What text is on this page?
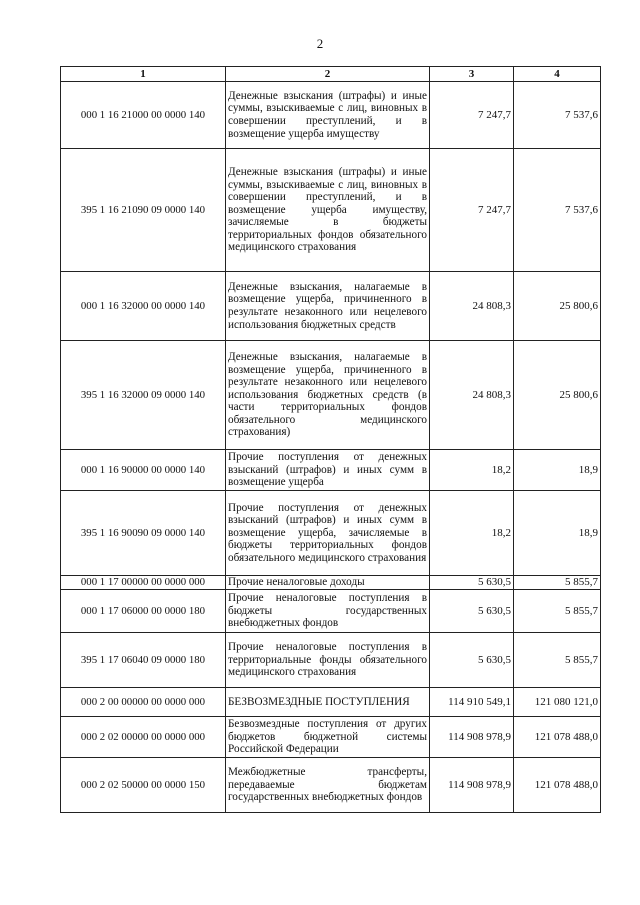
2
1	2	3	4
000 1 16 21000 00 0000 140	Денежные взыскания (штрафы) и иные суммы, взыскиваемые с лиц, виновных в совершении преступлений, и в возмещение ущерба имуществу	7 247,7	7 537,6
395 1 16 21090 09 0000 140	Денежные взыскания (штрафы) и иные суммы, взыскиваемые с лиц, виновных в совершении преступлений, и в возмещение ущерба имуществу, зачисляемые в бюджеты территориальных фондов обязательного медицинского страхования	7 247,7	7 537,6
000 1 16 32000 00 0000 140	Денежные взыскания, налагаемые в возмещение ущерба, причиненного в результате незаконного или нецелевого использования бюджетных средств	24 808,3	25 800,6
395 1 16 32000 09 0000 140	Денежные взыскания, налагаемые в возмещение ущерба, причиненного в результате незаконного или нецелевого использования бюджетных средств (в части территориальных фондов обязательного медицинского страхования)	24 808,3	25 800,6
000 1 16 90000 00 0000 140	Прочие поступления от денежных взысканий (штрафов) и иных сумм в возмещение ущерба	18,2	18,9
395 1 16 90090 09 0000 140	Прочие поступления от денежных взысканий (штрафов) и иных сумм в возмещение ущерба, зачисляемые в бюджеты территориальных фондов обязательного медицинского страхования	18,2	18,9
000 1 17 00000 00 0000 000	Прочие неналоговые доходы	5 630,5	5 855,7
000 1 17 06000 00 0000 180	Прочие неналоговые поступления в бюджеты государственных внебюджетных фондов	5 630,5	5 855,7
395 1 17 06040 09 0000 180	Прочие неналоговые поступления в территориальные фонды обязательного медицинского страхования	5 630,5	5 855,7
000 2 00 00000 00 0000 000	БЕЗВОЗМЕЗДНЫЕ ПОСТУПЛЕНИЯ	114 910 549,1	121 080 121,0
000 2 02 00000 00 0000 000	Безвозмездные поступления от других бюджетов бюджетной системы Российской Федерации	114 908 978,9	121 078 488,0
000 2 02 50000 00 0000 150	Межбюджетные трансферты, передаваемые бюджетам государственных внебюджетных фондов	114 908 978,9	121 078 488,0
